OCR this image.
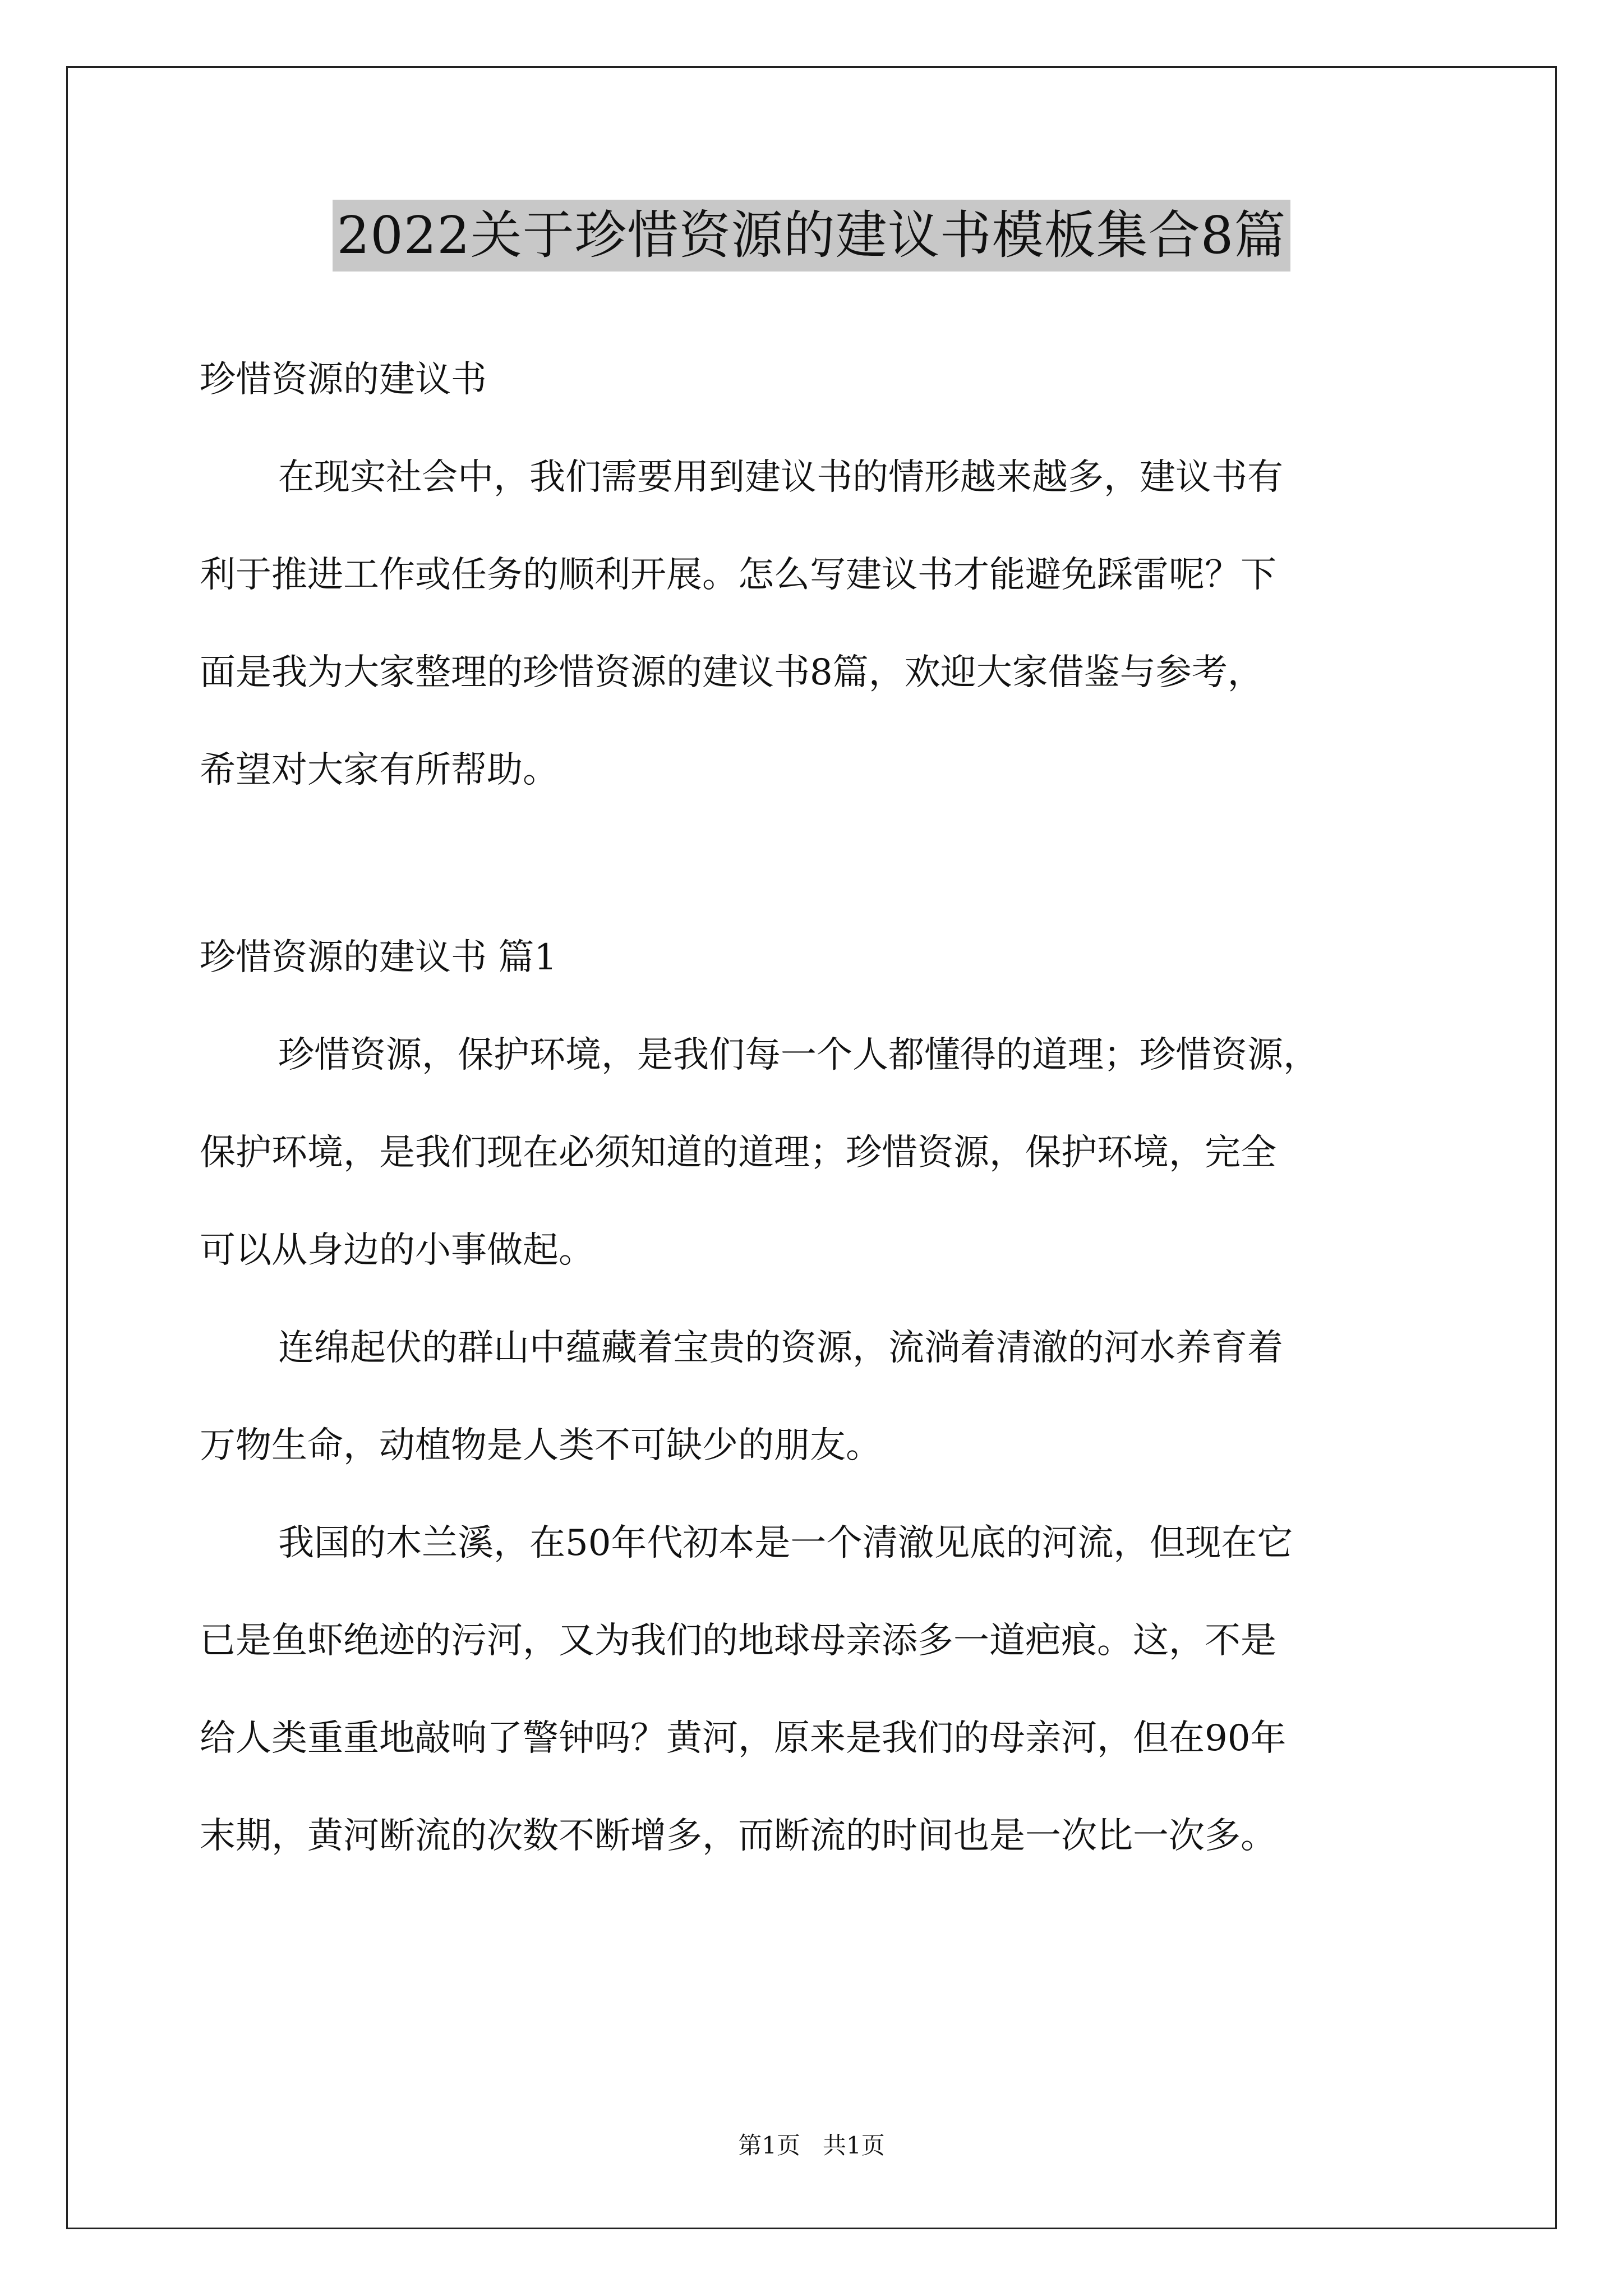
2022关于珍惜资源的建议书模板集合8篇
珍惜资源的建议书
在现实社会中，我们需要用到建议书的情形越来越多，建议书有
利于推进工作或任务的顺利开展。怎么写建议书才能避免踩雷呢？下
面是我为大家整理的珍惜资源的建议书8篇，欢迎大家借鉴与参考，
希望对大家有所帮助。
珍惜资源的建议书 篇1
珍惜资源，保护环境，是我们每一个人都懂得的道理；珍惜资源，
保护环境，是我们现在必须知道的道理；珍惜资源，保护环境，完全
可以从身边的小事做起。
连绵起伏的群山中蕴藏着宝贵的资源，流淌着清澈的河水养育着
万物生命，动植物是人类不可缺少的朋友。
我国的木兰溪，在50年代初本是一个清澈见底的河流，但现在它
已是鱼虾绝迹的污河，又为我们的地球母亲添多一道疤痕。这，不是
给人类重重地敲响了警钟吗？黄河，原来是我们的母亲河，但在90年
末期，黄河断流的次数不断增多，而断流的时间也是一次比一次多。
第1页   共1页
